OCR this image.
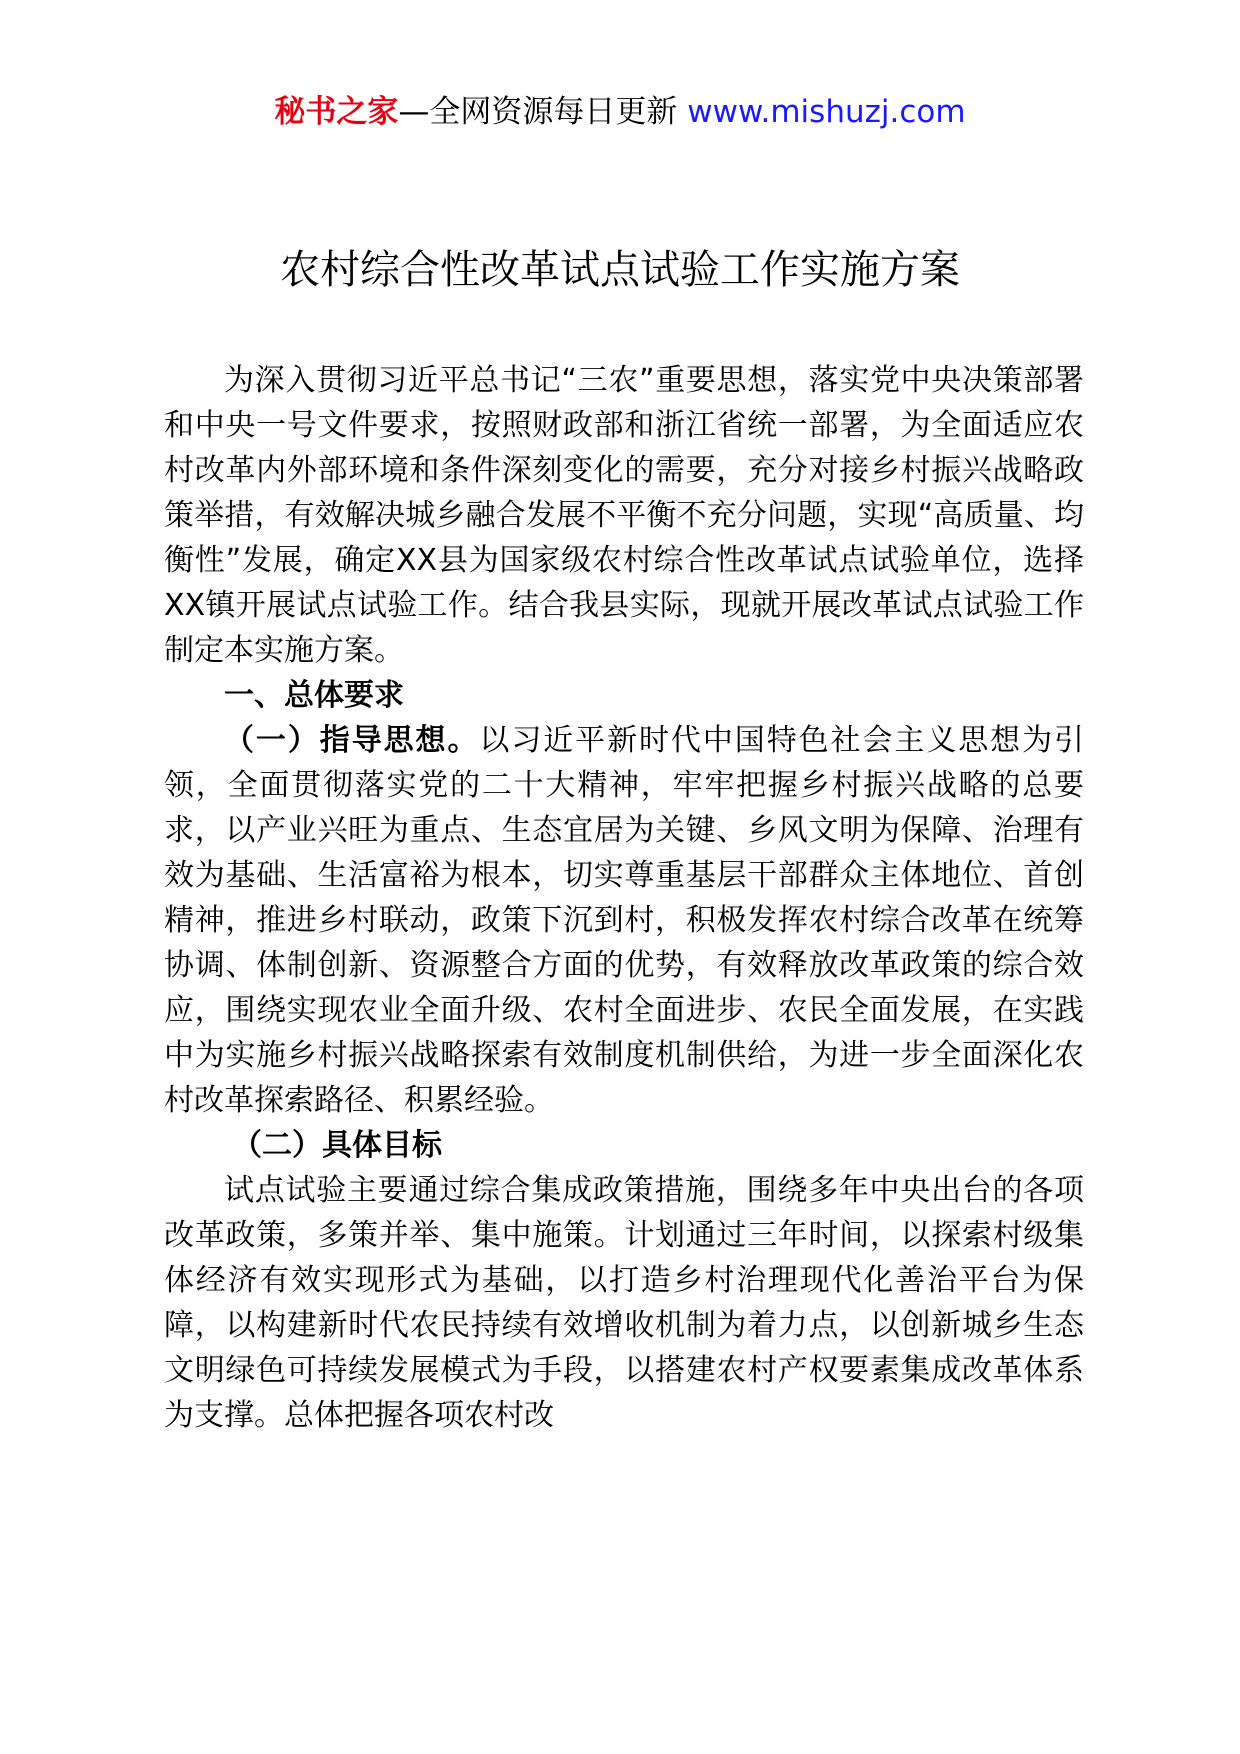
秘书之家—全网资源每日更新 www.mishuzj.com
农村综合性改革试点试验工作实施方案

为深入贯彻习近平总书记“三农”重要思想，落实党中央决策部署和中央一号文件要求，按照财政部和浙江省统一部署，为全面适应农村改革内外部环境和条件深刻变化的需要，充分对接乡村振兴战略政策举措，有效解决城乡融合发展不平衡不充分问题，实现“高质量、均衡性”发展，确定XX县为国家级农村综合性改革试点试验单位，选择XX镇开展试点试验工作。结合我县实际，现就开展改革试点试验工作制定本实施方案。

一、总体要求

（一）指导思想。以习近平新时代中国特色社会主义思想为引领，全面贯彻落实党的二十大精神，牢牢把握乡村振兴战略的总要求，以产业兴旺为重点、生态宜居为关键、乡风文明为保障、治理有效为基础、生活富裕为根本，切实尊重基层干部群众主体地位、首创精神，推进乡村联动，政策下沉到村，积极发挥农村综合改革在统筹协调、体制创新、资源整合方面的优势，有效释放改革政策的综合效应，围绕实现农业全面升级、农村全面进步、农民全面发展，在实践中为实施乡村振兴战略探索有效制度机制供给，为进一步全面深化农村改革探索路径、积累经验。

（二）具体目标

试点试验主要通过综合集成政策措施，围绕多年中央出台的各项改革政策，多策并举、集中施策。计划通过三年时间，以探索村级集体经济有效实现形式为基础，以打造乡村治理现代化善治平台为保障，以构建新时代农民持续有效增收机制为着力点，以创新城乡生态文明绿色可持续发展模式为手段，以搭建农村产权要素集成改革体系为支撑。总体把握各项农村改
